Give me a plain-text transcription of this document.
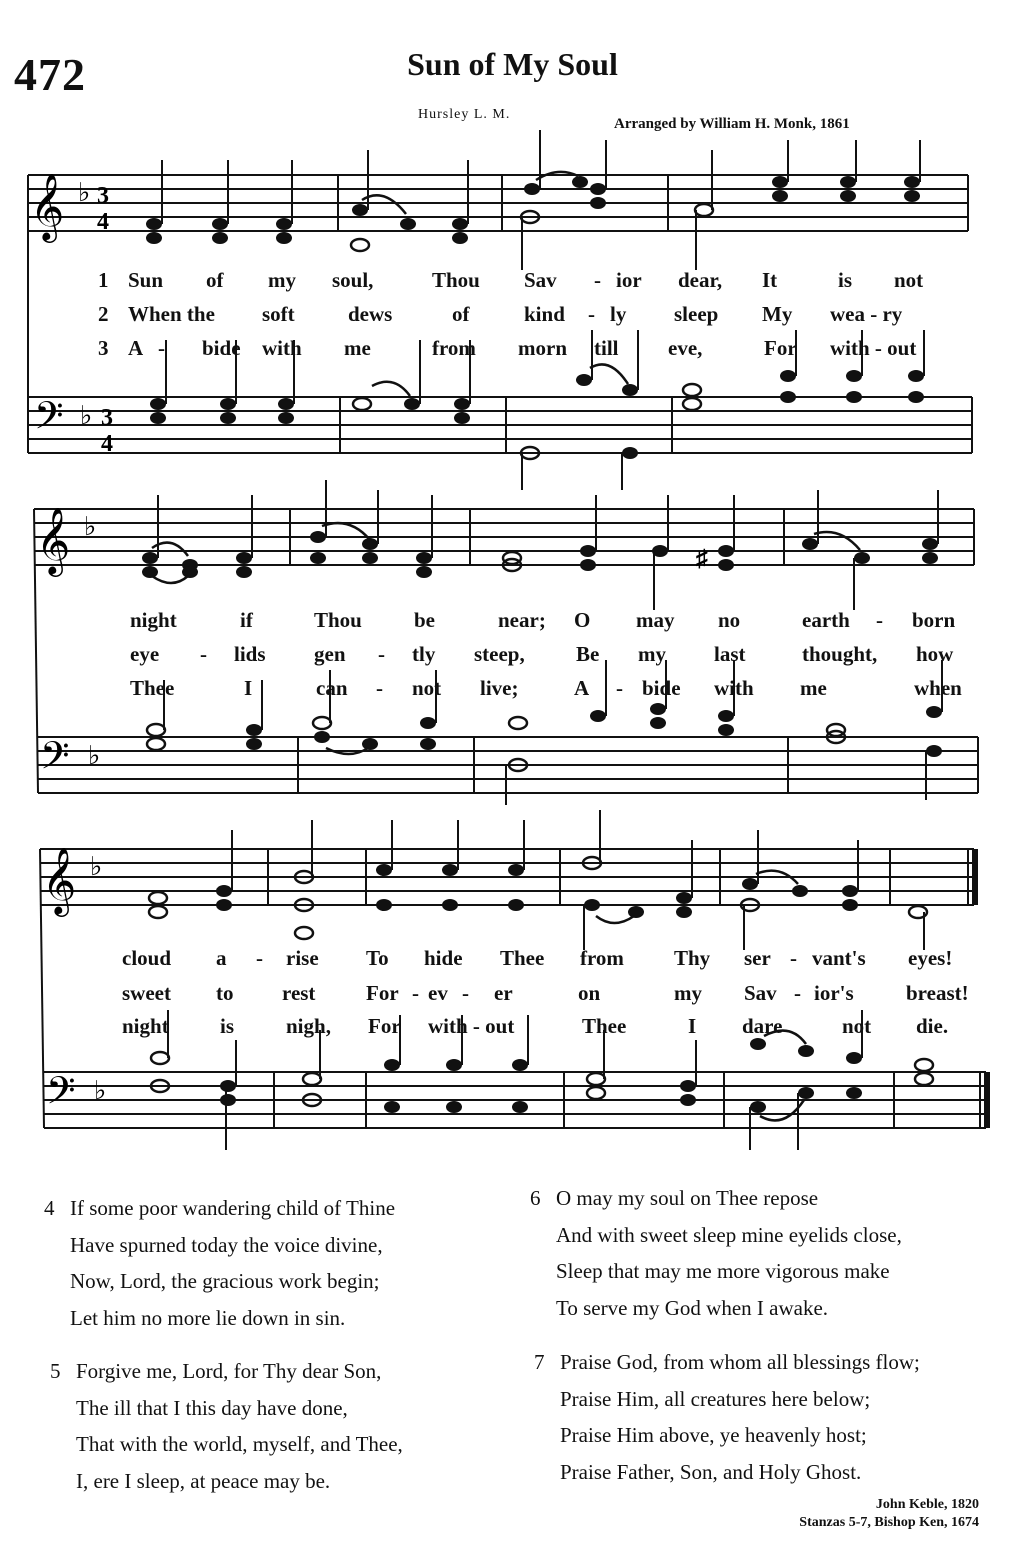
472	Sun of My Soul
Hursley L. M.
Arranged by William H. Monk, 1861
𝄞
𝄢
♭
♭
3
4
3
4
1 Sun of my soul,	Thou Sav - ior dear, It	is not
2 When the soft	dews	of	kind - ly sleep My wea - ry
3 A - bide with me	from morn till eve,	For with - out
𝄞
𝄢
♭
♭
♯
night	if	Thou be	near; O may no	earth - born
eye - lids gen - tly steep, Be my last	thought, how
Thee	I	can - not live;	A - bide with me	when
𝄞
𝄢
♭
♭
cloud a - rise To hide Thee from Thy ser - vant's eyes!
sweet to rest For - ev - er	on	my Sav - ior's breast!
night is nigh, For with - out	Thee	I dare	not die.
4 If some poor wandering child of Thine
Have spurned today the voice divine,
Now, Lord, the gracious work begin;
Let him no more lie down in sin.
5 Forgive me, Lord, for Thy dear Son,
The ill that I this day have done,
That with the world, myself, and Thee,
I, ere I sleep, at peace may be.
6 O may my soul on Thee repose
And with sweet sleep mine eyelids close,
Sleep that may me more vigorous make
To serve my God when I awake.
7 Praise God, from whom all blessings flow;
Praise Him, all creatures here below;
Praise Him above, ye heavenly host;
Praise Father, Son, and Holy Ghost.
John Keble, 1820
Stanzas 5-7, Bishop Ken, 1674
